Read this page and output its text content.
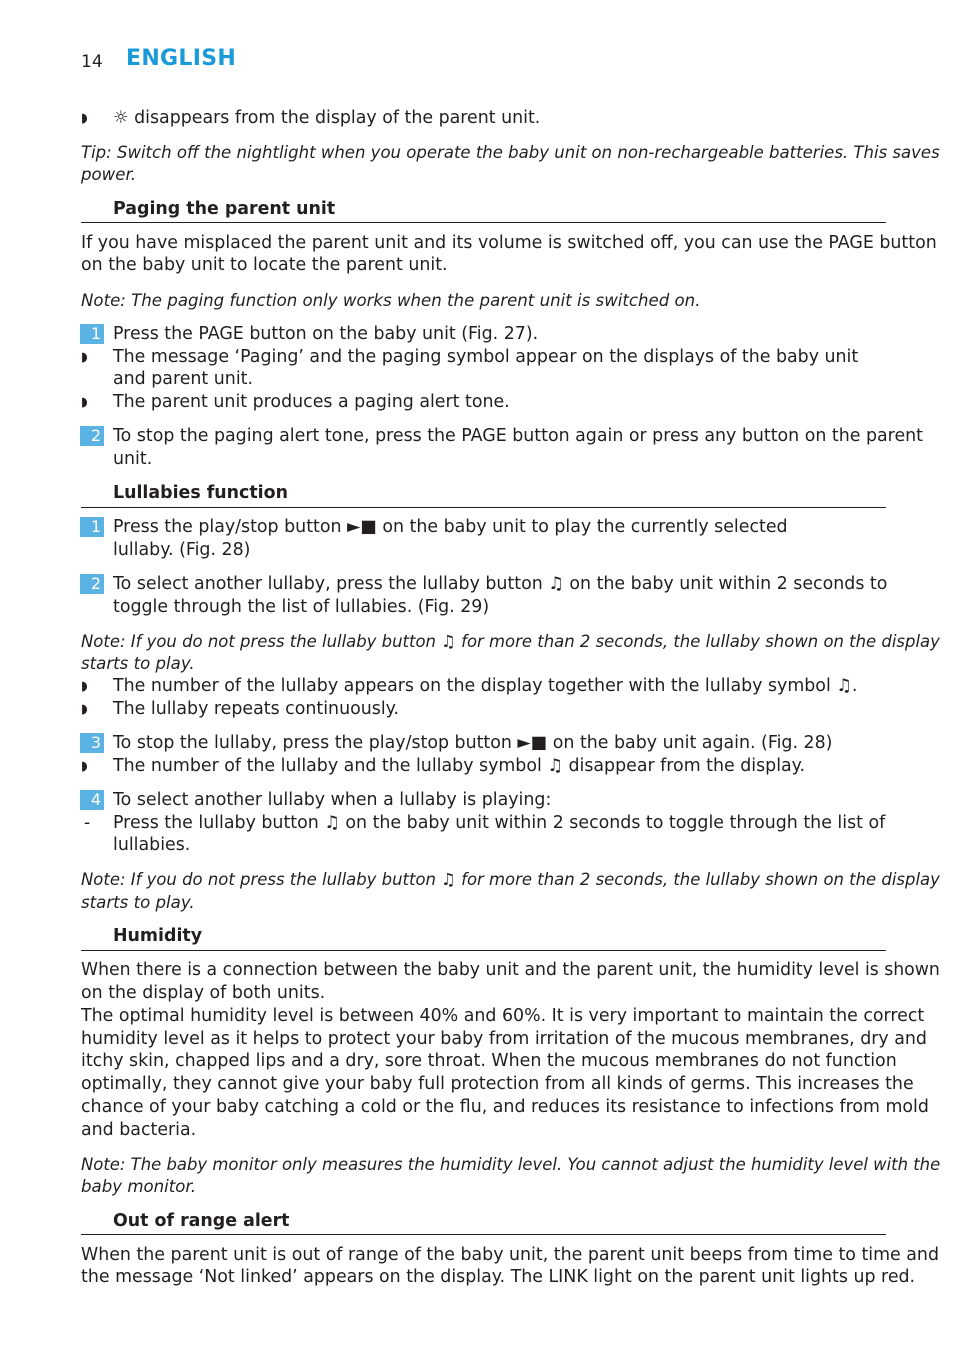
14 ENGLISH
◗ ☼ disappears from the display of the parent unit.
Tip: Switch off the nightlight when you operate the baby unit on non-rechargeable batteries. This saves
power.
Paging the parent unit
If you have misplaced the parent unit and its volume is switched off, you can use the PAGE button
on the baby unit to locate the parent unit.
Note: The paging function only works when the parent unit is switched on.
1 Press the PAGE button on the baby unit (Fig. 27).
◗ The message ‘Paging’ and the paging symbol appear on the displays of the baby unit
and parent unit.
◗ The parent unit produces a paging alert tone.
2 To stop the paging alert tone, press the PAGE button again or press any button on the parent
unit.
Lullabies function
1 Press the play/stop button ►■ on the baby unit to play the currently selected
lullaby. (Fig. 28)
2 To select another lullaby, press the lullaby button ♫ on the baby unit within 2 seconds to
toggle through the list of lullabies. (Fig. 29)
Note: If you do not press the lullaby button ♫ for more than 2 seconds, the lullaby shown on the display
starts to play.
◗ The number of the lullaby appears on the display together with the lullaby symbol ♫.
◗ The lullaby repeats continuously.
3 To stop the lullaby, press the play/stop button ►■ on the baby unit again. (Fig. 28)
◗ The number of the lullaby and the lullaby symbol ♫ disappear from the display.
4 To select another lullaby when a lullaby is playing:
- Press the lullaby button ♫ on the baby unit within 2 seconds to toggle through the list of
lullabies.
Note: If you do not press the lullaby button ♫ for more than 2 seconds, the lullaby shown on the display
starts to play.
Humidity
When there is a connection between the baby unit and the parent unit, the humidity level is shown
on the display of both units.
The optimal humidity level is between 40% and 60%. It is very important to maintain the correct
humidity level as it helps to protect your baby from irritation of the mucous membranes, dry and
itchy skin, chapped lips and a dry, sore throat. When the mucous membranes do not function
optimally, they cannot give your baby full protection from all kinds of germs. This increases the
chance of your baby catching a cold or the flu, and reduces its resistance to infections from mold
and bacteria.
Note: The baby monitor only measures the humidity level. You cannot adjust the humidity level with the
baby monitor.
Out of range alert
When the parent unit is out of range of the baby unit, the parent unit beeps from time to time and
the message ‘Not linked’ appears on the display. The LINK light on the parent unit lights up red.
